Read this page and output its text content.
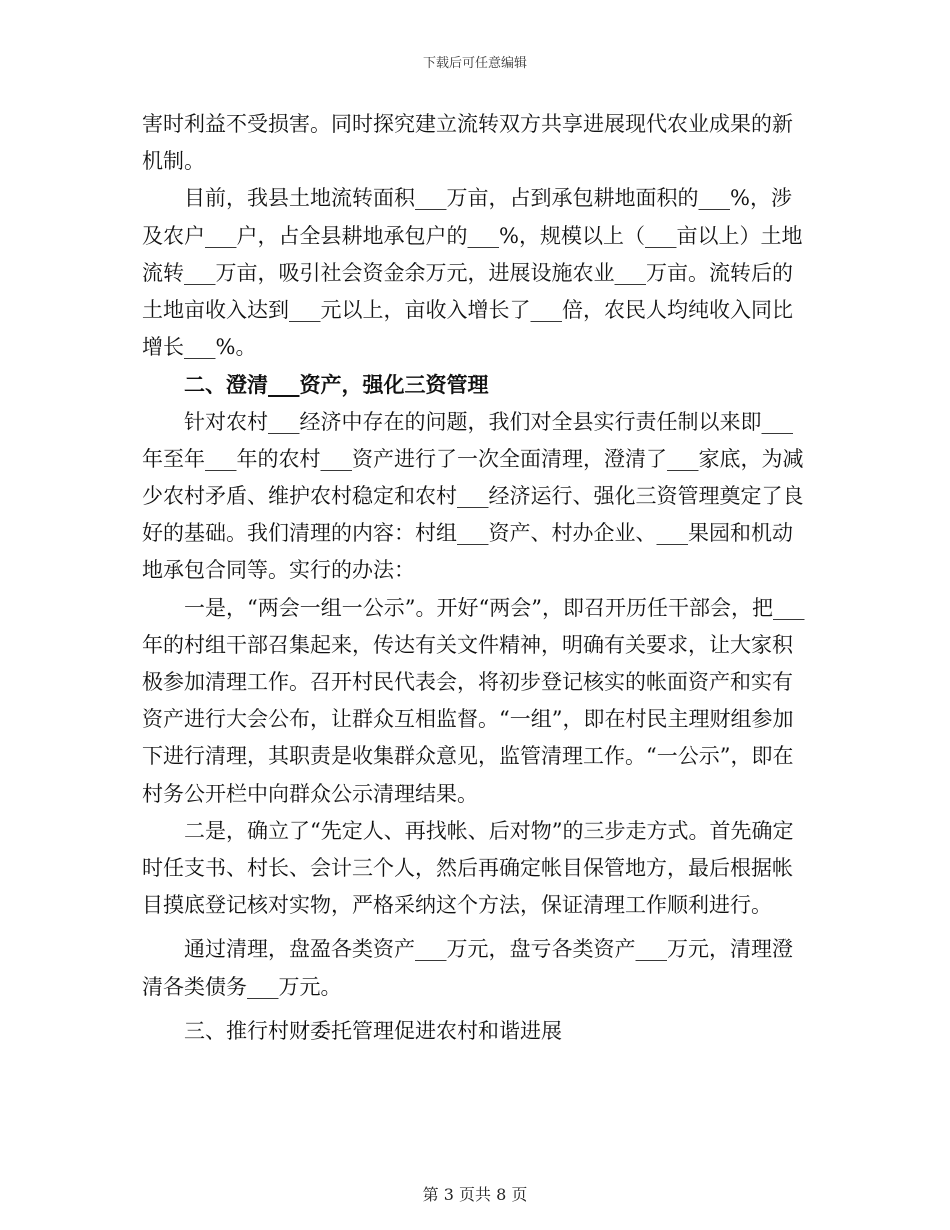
下载后可任意编辑

害时利益不受损害。同时探究建立流转双方共享进展现代农业成果的新机制。

目前，我县土地流转面积___万亩，占到承包耕地面积的___%，涉及农户___户，占全县耕地承包户的___%，规模以上（___亩以上）土地流转___万亩，吸引社会资金余万元，进展设施农业___万亩。流转后的土地亩收入达到___元以上，亩收入增长了___倍，农民人均纯收入同比增长___%。

二、澄清___资产，强化三资管理

针对农村___经济中存在的问题，我们对全县实行责任制以来即___年至年___年的农村___资产进行了一次全面清理，澄清了___家底，为减少农村矛盾、维护农村稳定和农村___经济运行、强化三资管理奠定了良好的基础。我们清理的内容：村组___资产、村办企业、___果园和机动地承包合同等。实行的办法：

一是，“两会一组一公示”。开好“两会”，即召开历任干部会，把___年的村组干部召集起来，传达有关文件精神，明确有关要求，让大家积极参加清理工作。召开村民代表会，将初步登记核实的帐面资产和实有资产进行大会公布，让群众互相监督。“一组”，即在村民主理财组参加下进行清理，其职责是收集群众意见，监管清理工作。“一公示”，即在村务公开栏中向群众公示清理结果。

二是，确立了“先定人、再找帐、后对物”的三步走方式。首先确定时任支书、村长、会计三个人，然后再确定帐目保管地方，最后根据帐目摸底登记核对实物，严格采纳这个方法，保证清理工作顺利进行。

通过清理，盘盈各类资产___万元，盘亏各类资产___万元，清理澄清各类债务___万元。

三、推行村财委托管理促进农村和谐进展

第 3 页共 8 页
